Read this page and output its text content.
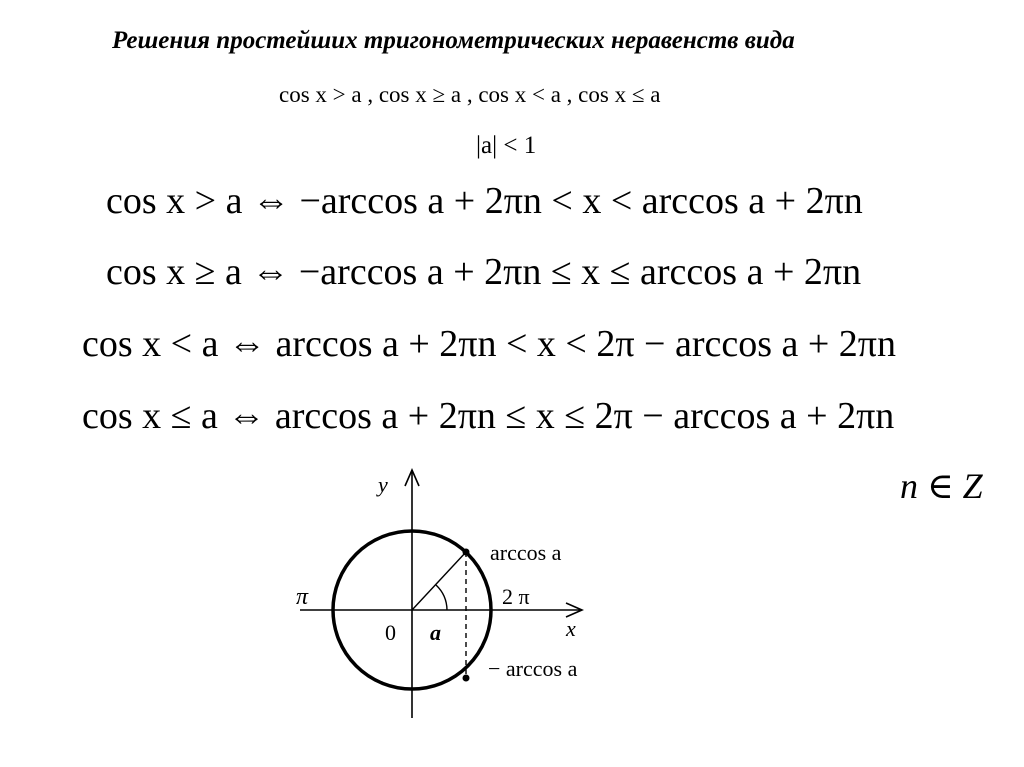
Решения простейших тригонометрических неравенств вида
cos x > a , cos x ≥ a , cos x < a , cos x ≤ a
|a| < 1
cos x > a ⇔ −arccos a + 2πn < x < arccos a + 2πn
cos x ≥ a ⇔ −arccos a + 2πn ≤ x ≤ arccos a + 2πn
cos x < a ⇔ arccos a + 2πn < x < 2π − arccos a + 2πn
cos x ≤ a ⇔ arccos a + 2πn ≤ x ≤ 2π − arccos a + 2πn
n ∈ Z
y
x
π	2 π
0 a
arccos a
− arccos a
